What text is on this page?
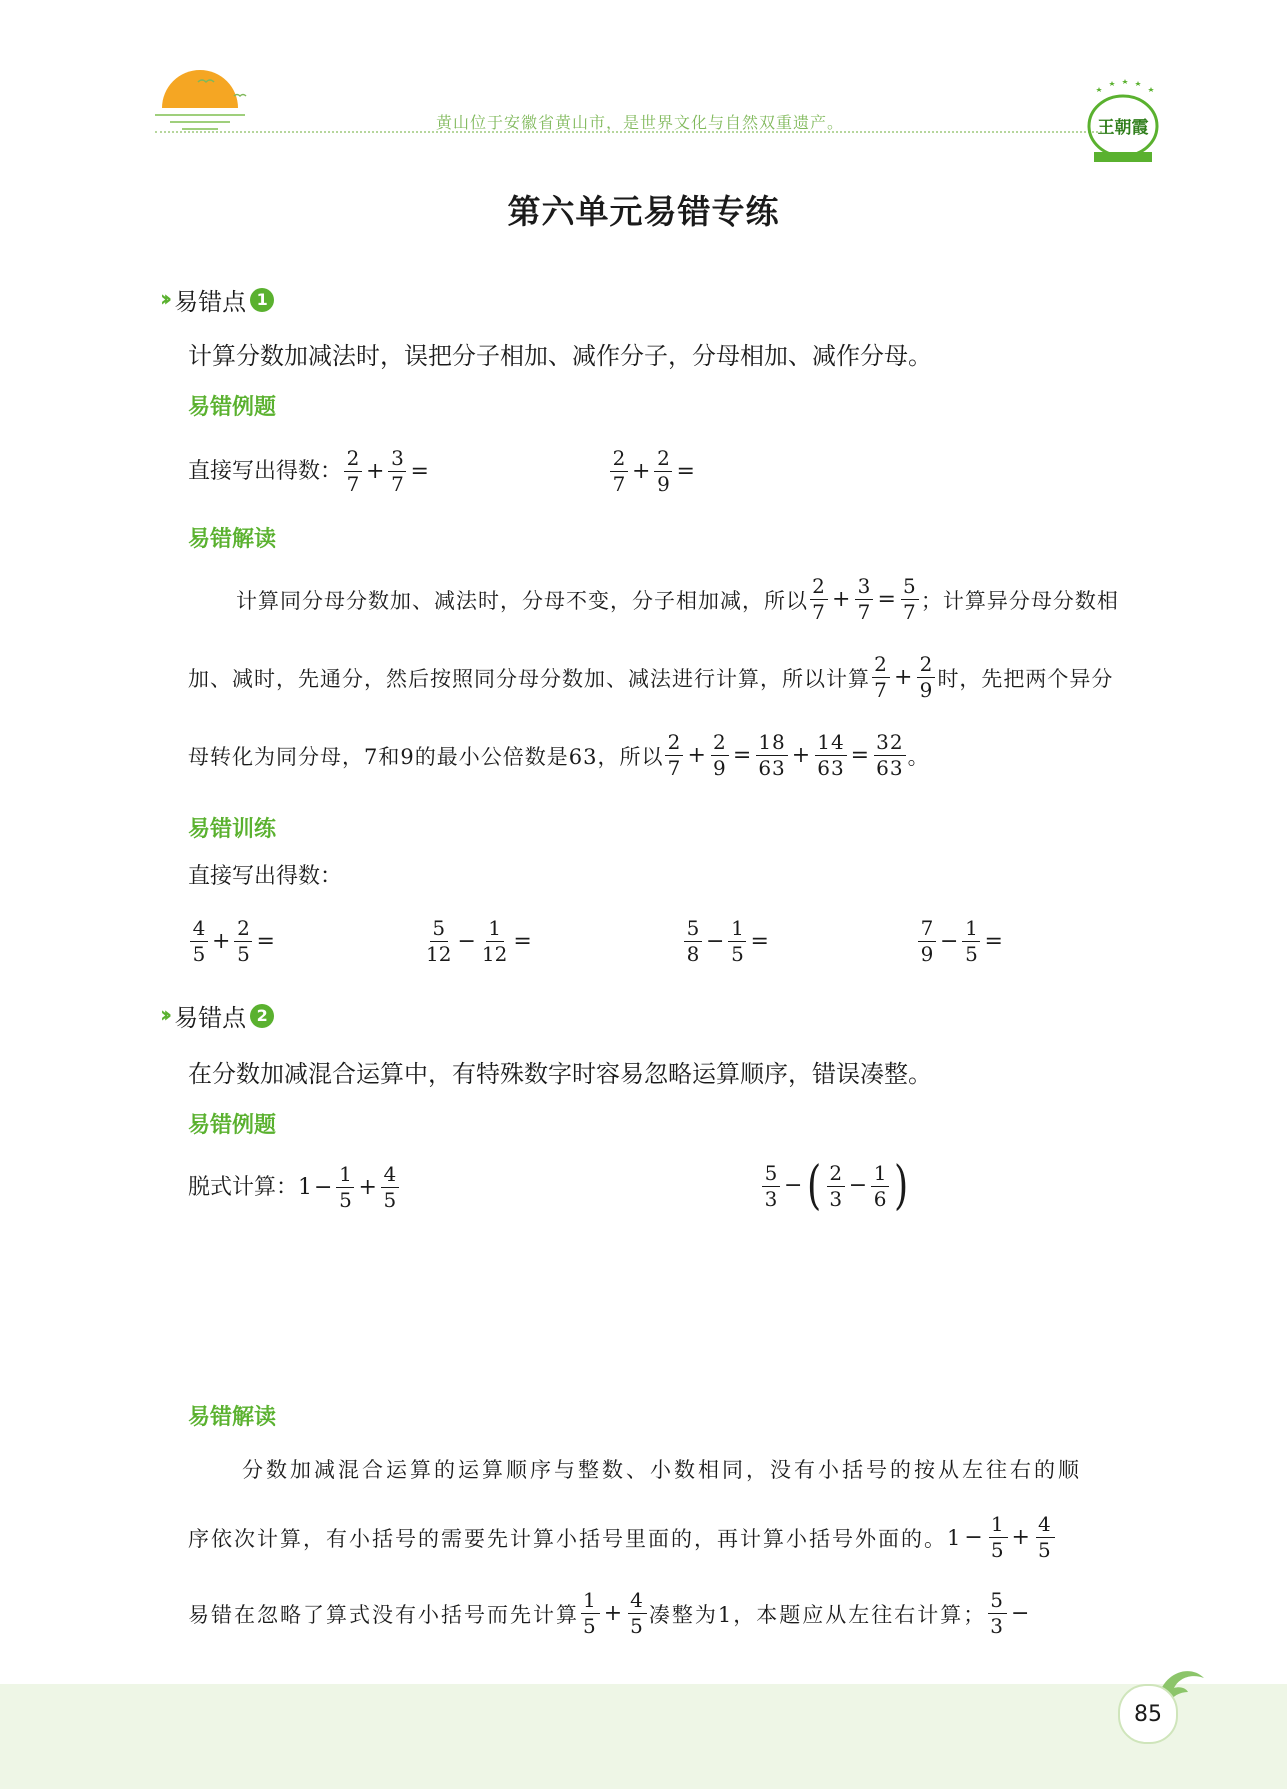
黄山位于安徽省黄山市，是世界文化与自然双重遗产。	王朝霞
第六单元易错专练
›› 易错点 1
计算分数加减法时，误把分子相加、减作分子，分母相加、减作分母。
易错例题
直接写出得数： $\frac{2}{7} + \frac{3}{7}$ =	$\frac{2}{7} + \frac{2}{9}$ =
易错解读
计算同分母分数加、减法时，分母不变，分子相加减，所以 $\frac{2}{7} + \frac{3}{7} = \frac{5}{7}$ ；计算异分母分数相
加、减时，先通分，然后按照同分母分数加、减法进行计算，所以计算 $\frac{2}{7} + \frac{2}{9}$ 时，先把两个异分
母转化为同分母，7和9的最小公倍数是63，所以 $\frac{2}{7} + \frac{2}{9} = \frac{18}{63} + \frac{14}{63} = \frac{32}{63}$ 。
易错训练
直接写出得数：
$\frac{4}{5} + \frac{2}{5}$ =	$\frac{5}{12} - \frac{1}{12}$ =	$\frac{5}{8} - \frac{1}{5}$ =	$\frac{7}{9} - \frac{1}{5}$ =
›› 易错点 2
在分数加减混合运算中，有特殊数字时容易忽略运算顺序，错误凑整。
易错例题
脱式计算： $1 - \frac{1}{5} + \frac{4}{5}$	$\frac{5}{3}$ − ( $\frac{2}{3} - \frac{1}{6}$ )
易错解读
分数加减混合运算的运算顺序与整数、小数相同，没有小括号的按从左往右的顺
序依次计算，有小括号的需要先计算小括号里面的，再计算小括号外面的。 $1 - \frac{1}{5} + \frac{4}{5}$
易错在忽略了算式没有小括号而先计算 $\frac{1}{5} + \frac{4}{5}$ 凑整为1，本题应从左往右计算； $\frac{5}{3}$ −
85
